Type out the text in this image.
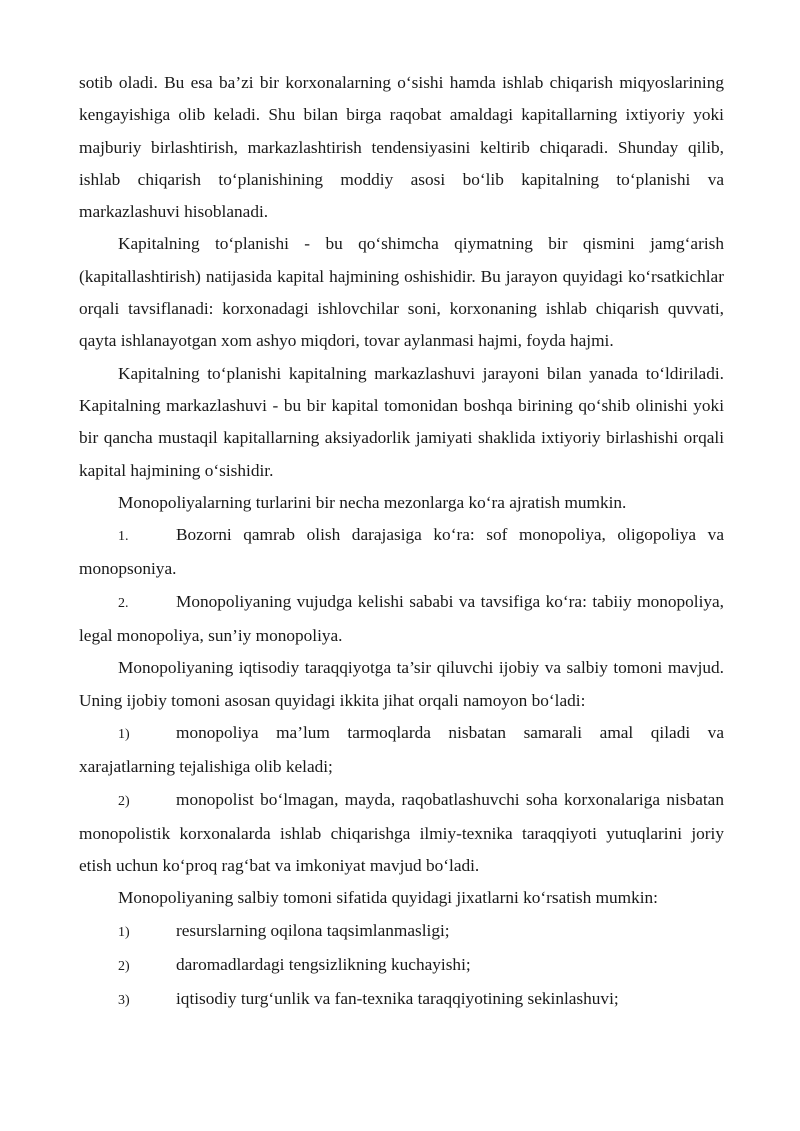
sotib oladi. Bu esa ba’zi bir korxonalarning o‘sishi hamda ishlab chiqarish miqyoslarining kengayishiga olib keladi. Shu bilan birga raqobat amaldagi kapitallarning ixtiyoriy yoki majburiy birlashtirish, markazlashtirish tendensiyasini keltirib chiqaradi. Shunday qilib, ishlab chiqarish to‘planishining moddiy asosi bo‘lib kapitalning to‘planishi va markazlashuvi hisoblanadi.

Kapitalning to‘planishi - bu qo‘shimcha qiymatning bir qismini jamg‘arish (kapitallashtirish) natijasida kapital hajmining oshishidir. Bu jarayon quyidagi ko‘rsatkichlar orqali tavsiflanadi: korxonadagi ishlovchilar soni, korxonaning ishlab chiqarish quvvati, qayta ishlanayotgan xom ashyo miqdori, tovar aylanmasi hajmi, foyda hajmi.

Kapitalning to‘planishi kapitalning markazlashuvi jarayoni bilan yanada to‘ldiriladi. Kapitalning markazlashuvi - bu bir kapital tomonidan boshqa birining qo‘shib olinishi yoki bir qancha mustaqil kapitallarning aksiyadorlik jamiyati shaklida ixtiyoriy birlashishi orqali kapital hajmining o‘sishidir.

Monopoliyalarning turlarini bir necha mezonlarga ko‘ra ajratish mumkin.

1.	Bozorni qamrab olish darajasiga ko‘ra: sof monopoliya, oligopoliya va monopsoniya.

2.	Monopoliyaning vujudga kelishi sababi va tavsifiga ko‘ra: tabiiy monopoliya, legal monopoliya, sun’iy monopoliya.

Monopoliyaning iqtisodiy taraqqiyotga ta’sir qiluvchi ijobiy va salbiy tomoni mavjud. Uning ijobiy tomoni asosan quyidagi ikkita jihat orqali namoyon bo‘ladi:

1)	monopoliya ma’lum tarmoqlarda nisbatan samarali amal qiladi va xarajatlarning tejalishiga olib keladi;

2)	monopolist bo‘lmagan, mayda, raqobatlashuvchi soha korxonalariga nisbatan monopolistik korxonalarda ishlab chiqarishga ilmiy-texnika taraqqiyoti yutuqlarini joriy etish uchun ko‘proq rag‘bat va imkoniyat mavjud bo‘ladi.

Monopoliyaning salbiy tomoni sifatida quyidagi jixatlarni ko‘rsatish mumkin:

1)	resurslarning oqilona taqsimlanmasligi;

2)	daromadlardagi tengsizlikning kuchayishi;

3)	iqtisodiy turg‘unlik va fan-texnika taraqqiyotining sekinlashuvi;
